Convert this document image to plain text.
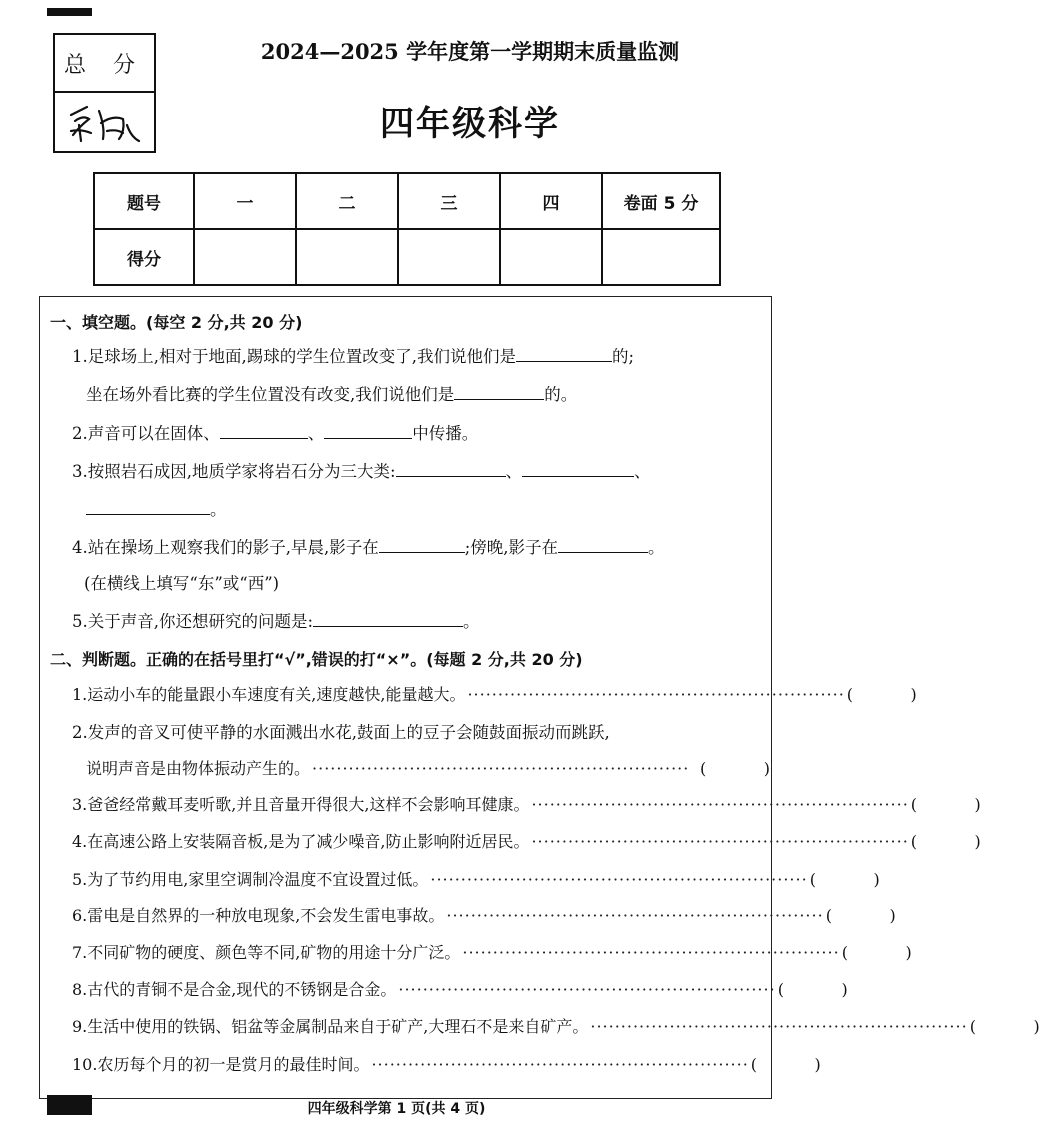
总 分
2024—2025 学年度第一学期期末质量监测
四年级科学
题号	一	二	三	四	卷面 5 分
得分					
一、填空题。(每空 2 分,共 20 分)
1.足球场上,相对于地面,踢球的学生位置改变了,我们说他们是	的;
坐在场外看比赛的学生位置没有改变,我们说他们是	的。
2.声音可以在固体、	、	中传播。
3.按照岩石成因,地质学家将岩石分为三大类:	、	、
。
4.站在操场上观察我们的影子,早晨,影子在	;傍晚,影子在	。
(在横线上填写“东”或“西”)
5.关于声音,你还想研究的问题是:	。
二、判断题。正确的在括号里打“√”,错误的打“×”。(每题 2 分,共 20 分)
1.运动小车的能量跟小车速度有关,速度越快,能量越大。 ······························································ (	)
2.发声的音叉可使平静的水面溅出水花,鼓面上的豆子会随鼓面振动而跳跃,
说明声音是由物体振动产生的。 ······························································ (	)
3.爸爸经常戴耳麦听歌,并且音量开得很大,这样不会影响耳健康。 ······························································ (	)
4.在高速公路上安装隔音板,是为了减少噪音,防止影响附近居民。 ······························································ (	)
5.为了节约用电,家里空调制冷温度不宜设置过低。 ······························································ (	)
6.雷电是自然界的一种放电现象,不会发生雷电事故。 ······························································ (	)
7.不同矿物的硬度、颜色等不同,矿物的用途十分广泛。 ······························································ (	)
8.古代的青铜不是合金,现代的不锈钢是合金。 ······························································ (	)
9.生活中使用的铁锅、铝盆等金属制品来自于矿产,大理石不是来自矿产。 ······························································ (	)
10.农历每个月的初一是赏月的最佳时间。 ······························································ (	)
四年级科学第 1 页(共 4 页)
